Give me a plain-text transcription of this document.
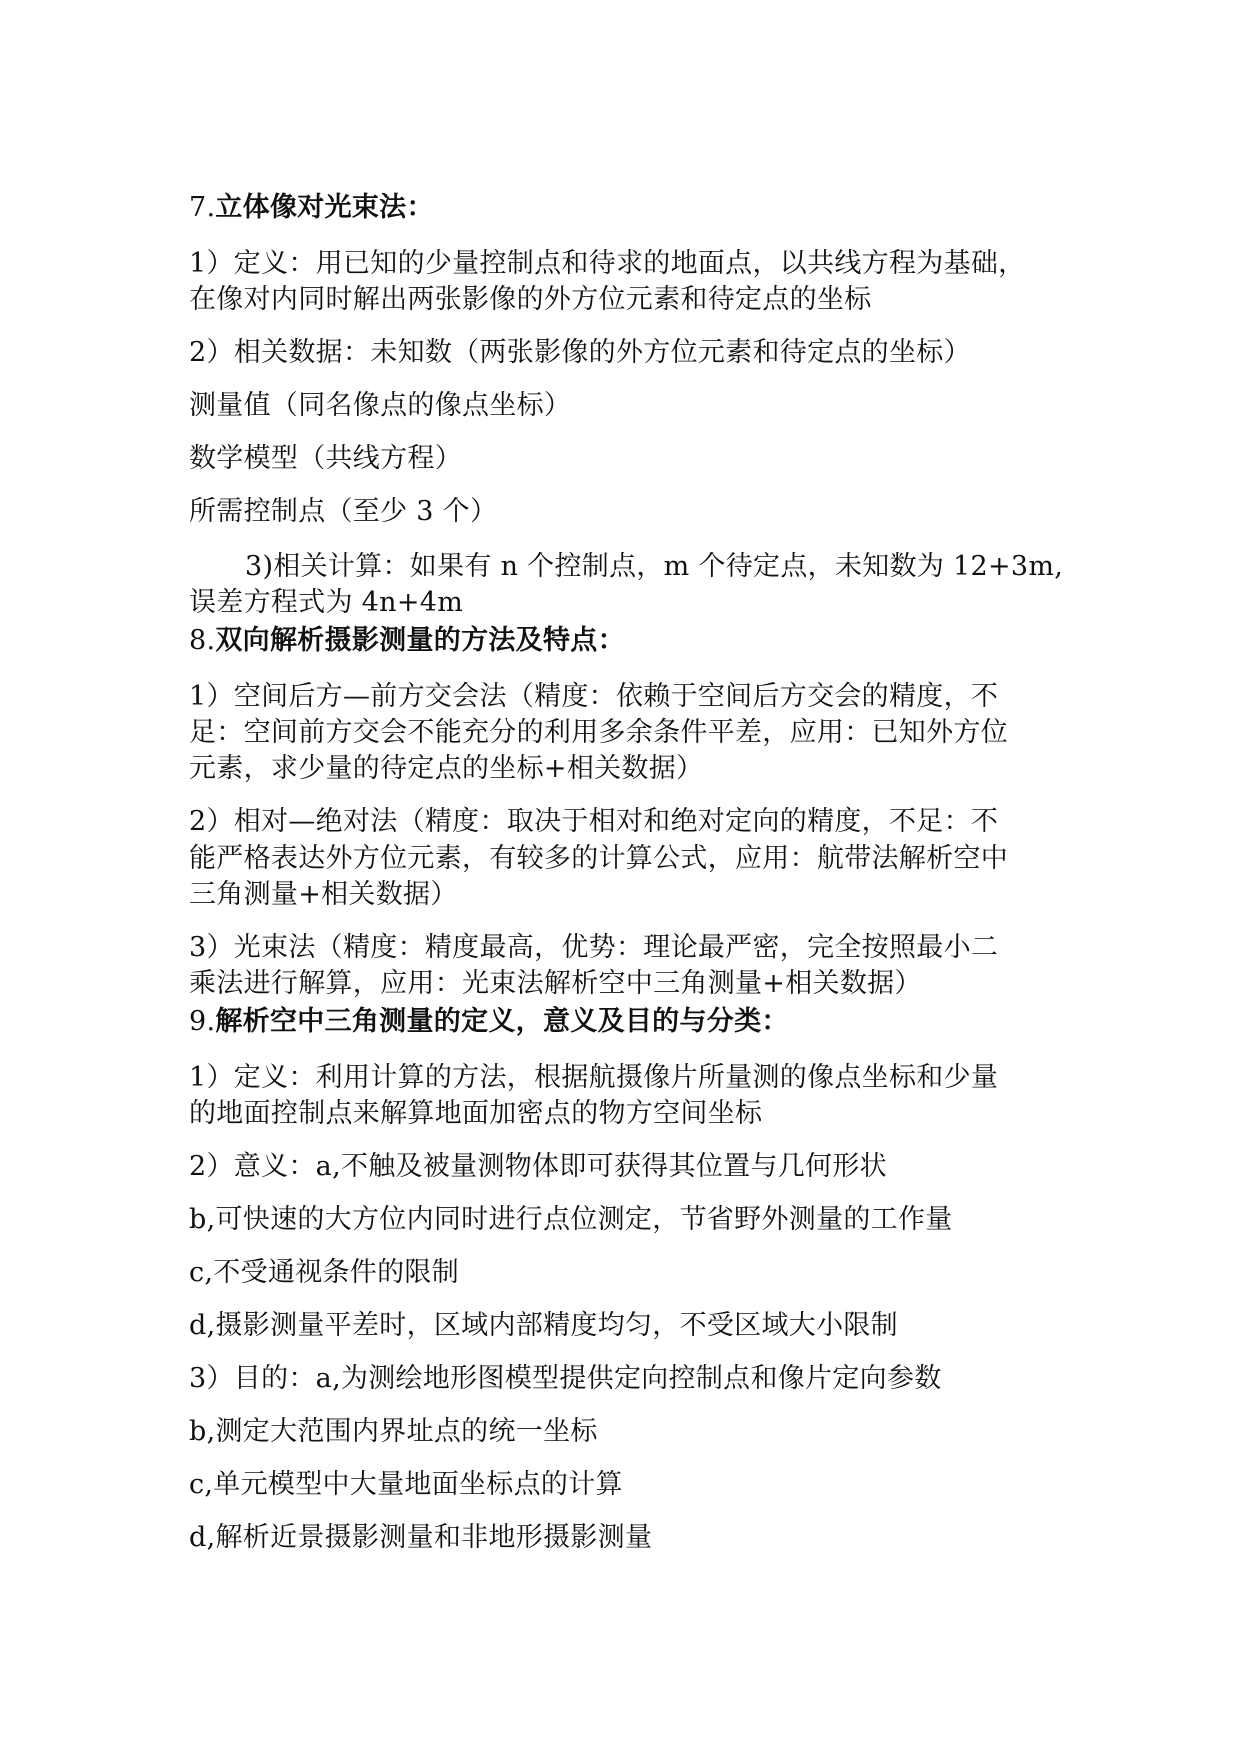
7.立体像对光束法：
1）定义：用已知的少量控制点和待求的地面点，以共线方程为基础，
在像对内同时解出两张影像的外方位元素和待定点的坐标
2）相关数据：未知数（两张影像的外方位元素和待定点的坐标）
测量值（同名像点的像点坐标）
数学模型（共线方程）
所需控制点（至少 3 个）
3)相关计算：如果有 n 个控制点，m 个待定点，未知数为 12+3m,
误差方程式为 4n+4m
8.双向解析摄影测量的方法及特点：
1）空间后方—前方交会法（精度：依赖于空间后方交会的精度，不
足：空间前方交会不能充分的利用多余条件平差，应用：已知外方位
元素，求少量的待定点的坐标+相关数据）
2）相对—绝对法（精度：取决于相对和绝对定向的精度，不足：不
能严格表达外方位元素，有较多的计算公式，应用：航带法解析空中
三角测量+相关数据）
3）光束法（精度：精度最高，优势：理论最严密，完全按照最小二
乘法进行解算，应用：光束法解析空中三角测量+相关数据）
9.解析空中三角测量的定义，意义及目的与分类：
1）定义：利用计算的方法，根据航摄像片所量测的像点坐标和少量
的地面控制点来解算地面加密点的物方空间坐标
2）意义：a,不触及被量测物体即可获得其位置与几何形状
b,可快速的大方位内同时进行点位测定，节省野外测量的工作量
c,不受通视条件的限制
d,摄影测量平差时，区域内部精度均匀，不受区域大小限制
3）目的：a,为测绘地形图模型提供定向控制点和像片定向参数
b,测定大范围内界址点的统一坐标
c,单元模型中大量地面坐标点的计算
d,解析近景摄影测量和非地形摄影测量
